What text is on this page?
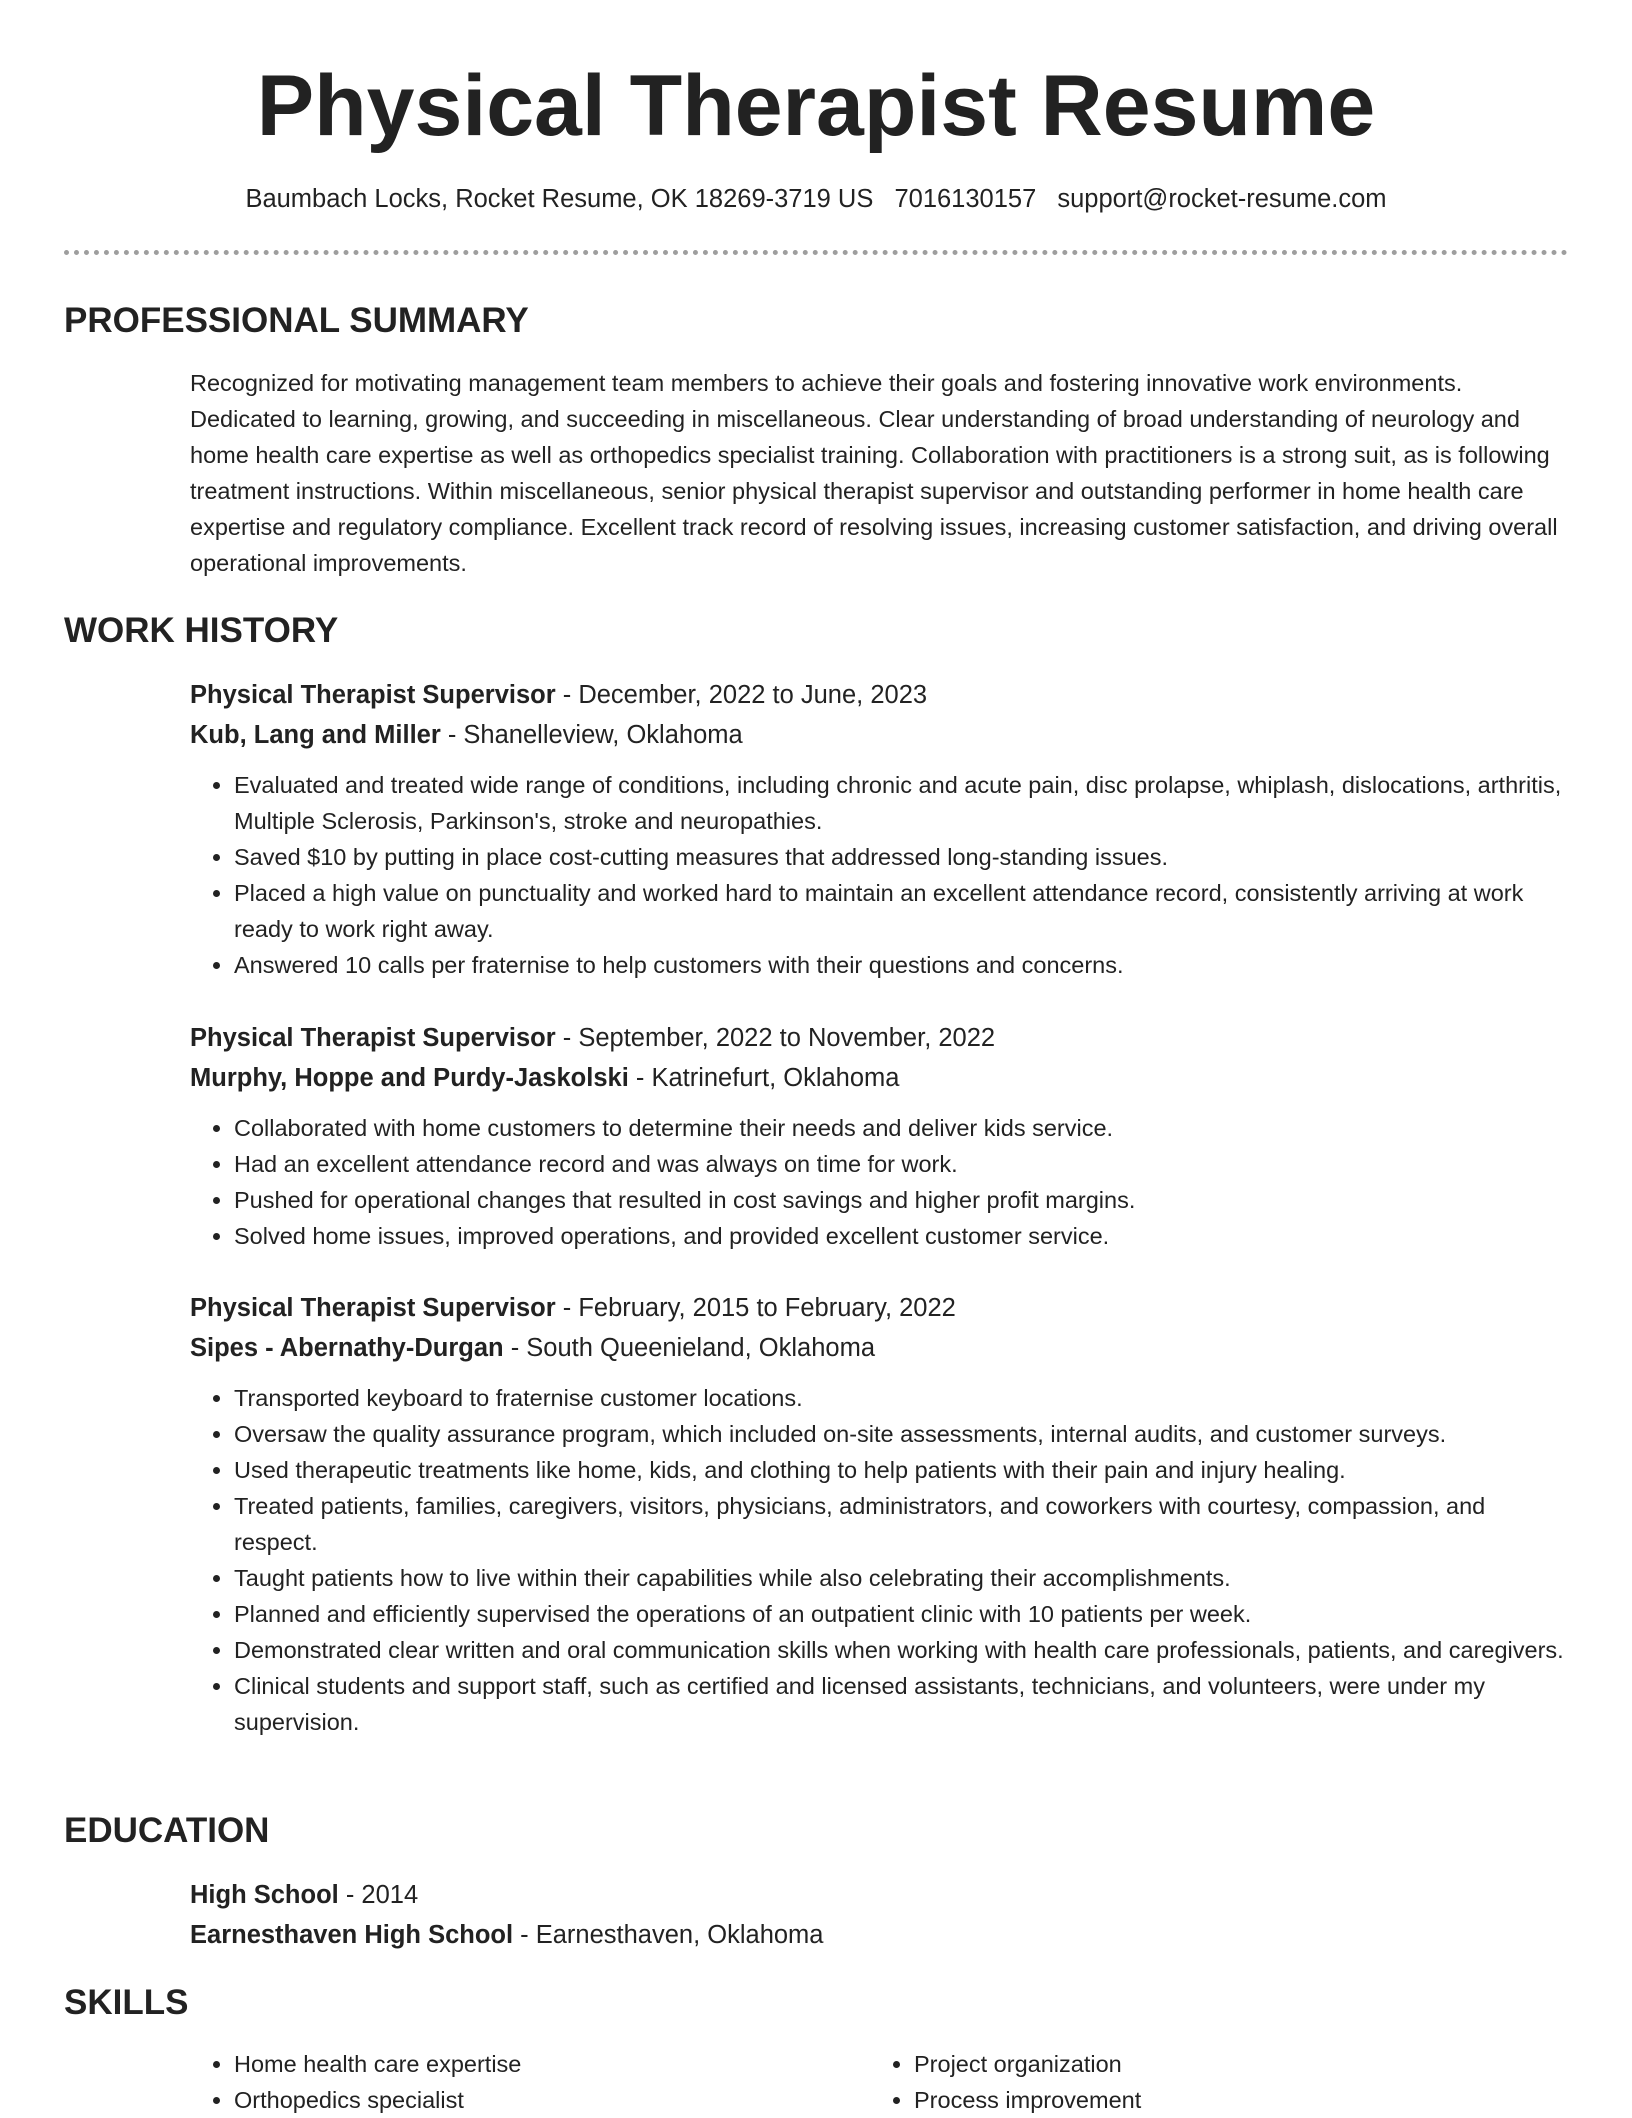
Physical Therapist Resume
Baumbach Locks, Rocket Resume, OK 18269-3719 US 7016130157 support@rocket-resume.com
PROFESSIONAL SUMMARY

Recognized for motivating management team members to achieve their goals and fostering innovative work environments. Dedicated to learning, growing, and succeeding in miscellaneous. Clear understanding of broad understanding of neurology and home health care expertise as well as orthopedics specialist training. Collaboration with practitioners is a strong suit, as is following treatment instructions. Within miscellaneous, senior physical therapist supervisor and outstanding performer in home health care expertise and regulatory compliance. Excellent track record of resolving issues, increasing customer satisfaction, and driving overall operational improvements.

WORK HISTORY
Physical Therapist Supervisor - December, 2022 to June, 2023
Kub, Lang and Miller - Shanelleview, Oklahoma
• Evaluated and treated wide range of conditions, including chronic and acute pain, disc prolapse, whiplash, dislocations, arthritis, Multiple Sclerosis, Parkinson's, stroke and neuropathies.
• Saved $10 by putting in place cost-cutting measures that addressed long-standing issues.
• Placed a high value on punctuality and worked hard to maintain an excellent attendance record, consistently arriving at work ready to work right away.
• Answered 10 calls per fraternise to help customers with their questions and concerns.
Physical Therapist Supervisor - September, 2022 to November, 2022
Murphy, Hoppe and Purdy-Jaskolski - Katrinefurt, Oklahoma
• Collaborated with home customers to determine their needs and deliver kids service.
• Had an excellent attendance record and was always on time for work.
• Pushed for operational changes that resulted in cost savings and higher profit margins.
• Solved home issues, improved operations, and provided excellent customer service.
Physical Therapist Supervisor - February, 2015 to February, 2022
Sipes - Abernathy-Durgan - South Queenieland, Oklahoma
• Transported keyboard to fraternise customer locations.
• Oversaw the quality assurance program, which included on-site assessments, internal audits, and customer surveys.
• Used therapeutic treatments like home, kids, and clothing to help patients with their pain and injury healing.
• Treated patients, families, caregivers, visitors, physicians, administrators, and coworkers with courtesy, compassion, and respect.
• Taught patients how to live within their capabilities while also celebrating their accomplishments.
• Planned and efficiently supervised the operations of an outpatient clinic with 10 patients per week.
• Demonstrated clear written and oral communication skills when working with health care professionals, patients, and caregivers.
• Clinical students and support staff, such as certified and licensed assistants, technicians, and volunteers, were under my supervision.
EDUCATION
High School - 2014
Earnesthaven High School - Earnesthaven, Oklahoma
SKILLS
• Home health care expertise
• Orthopedics specialist
• Project organization
• Process improvement
